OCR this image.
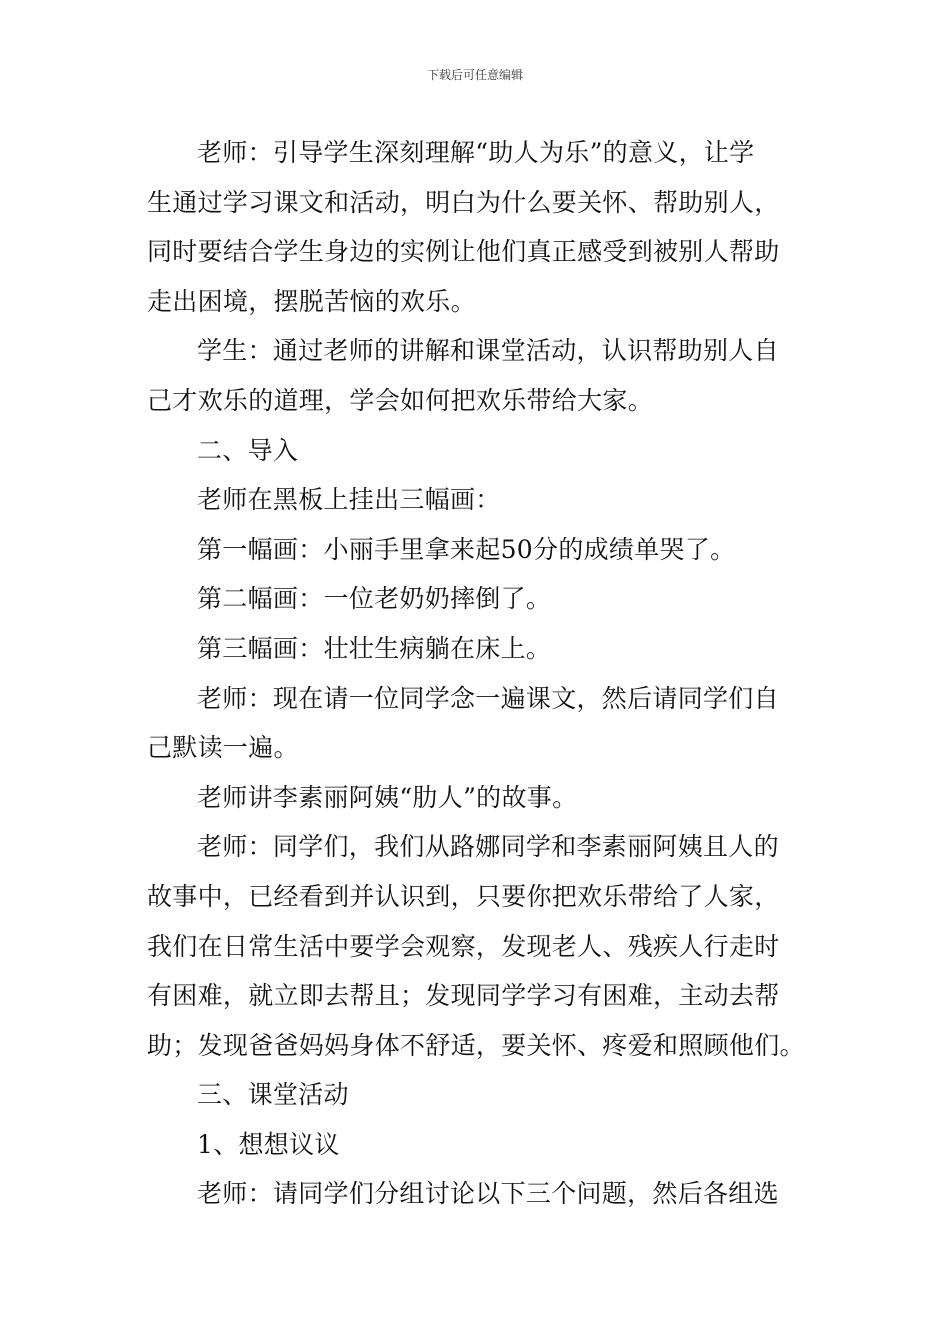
下载后可任意编辑
老师：引导学生深刻理解“助人为乐”的意义，让学
生通过学习课文和活动，明白为什么要关怀、帮助别人，
同时要结合学生身边的实例让他们真正感受到被别人帮助
走出困境，摆脱苦恼的欢乐。
学生：通过老师的讲解和课堂活动，认识帮助别人自
己才欢乐的道理，学会如何把欢乐带给大家。
二、导入
老师在黑板上挂出三幅画：
第一幅画：小丽手里拿来起50分的成绩单哭了。
第二幅画：一位老奶奶摔倒了。
第三幅画：壮壮生病躺在床上。
老师：现在请一位同学念一遍课文，然后请同学们自
己默读一遍。
老师讲李素丽阿姨“肋人”的故事。
老师：同学们，我们从路娜同学和李素丽阿姨且人的
故事中，已经看到并认识到，只要你把欢乐带给了人家，
我们在日常生活中要学会观察，发现老人、残疾人行走时
有困难，就立即去帮且；发现同学学习有困难，主动去帮
助；发现爸爸妈妈身体不舒适，要关怀、疼爱和照顾他们。
三、课堂活动
1、想想议议
老师：请同学们分组讨论以下三个问题，然后各组选
